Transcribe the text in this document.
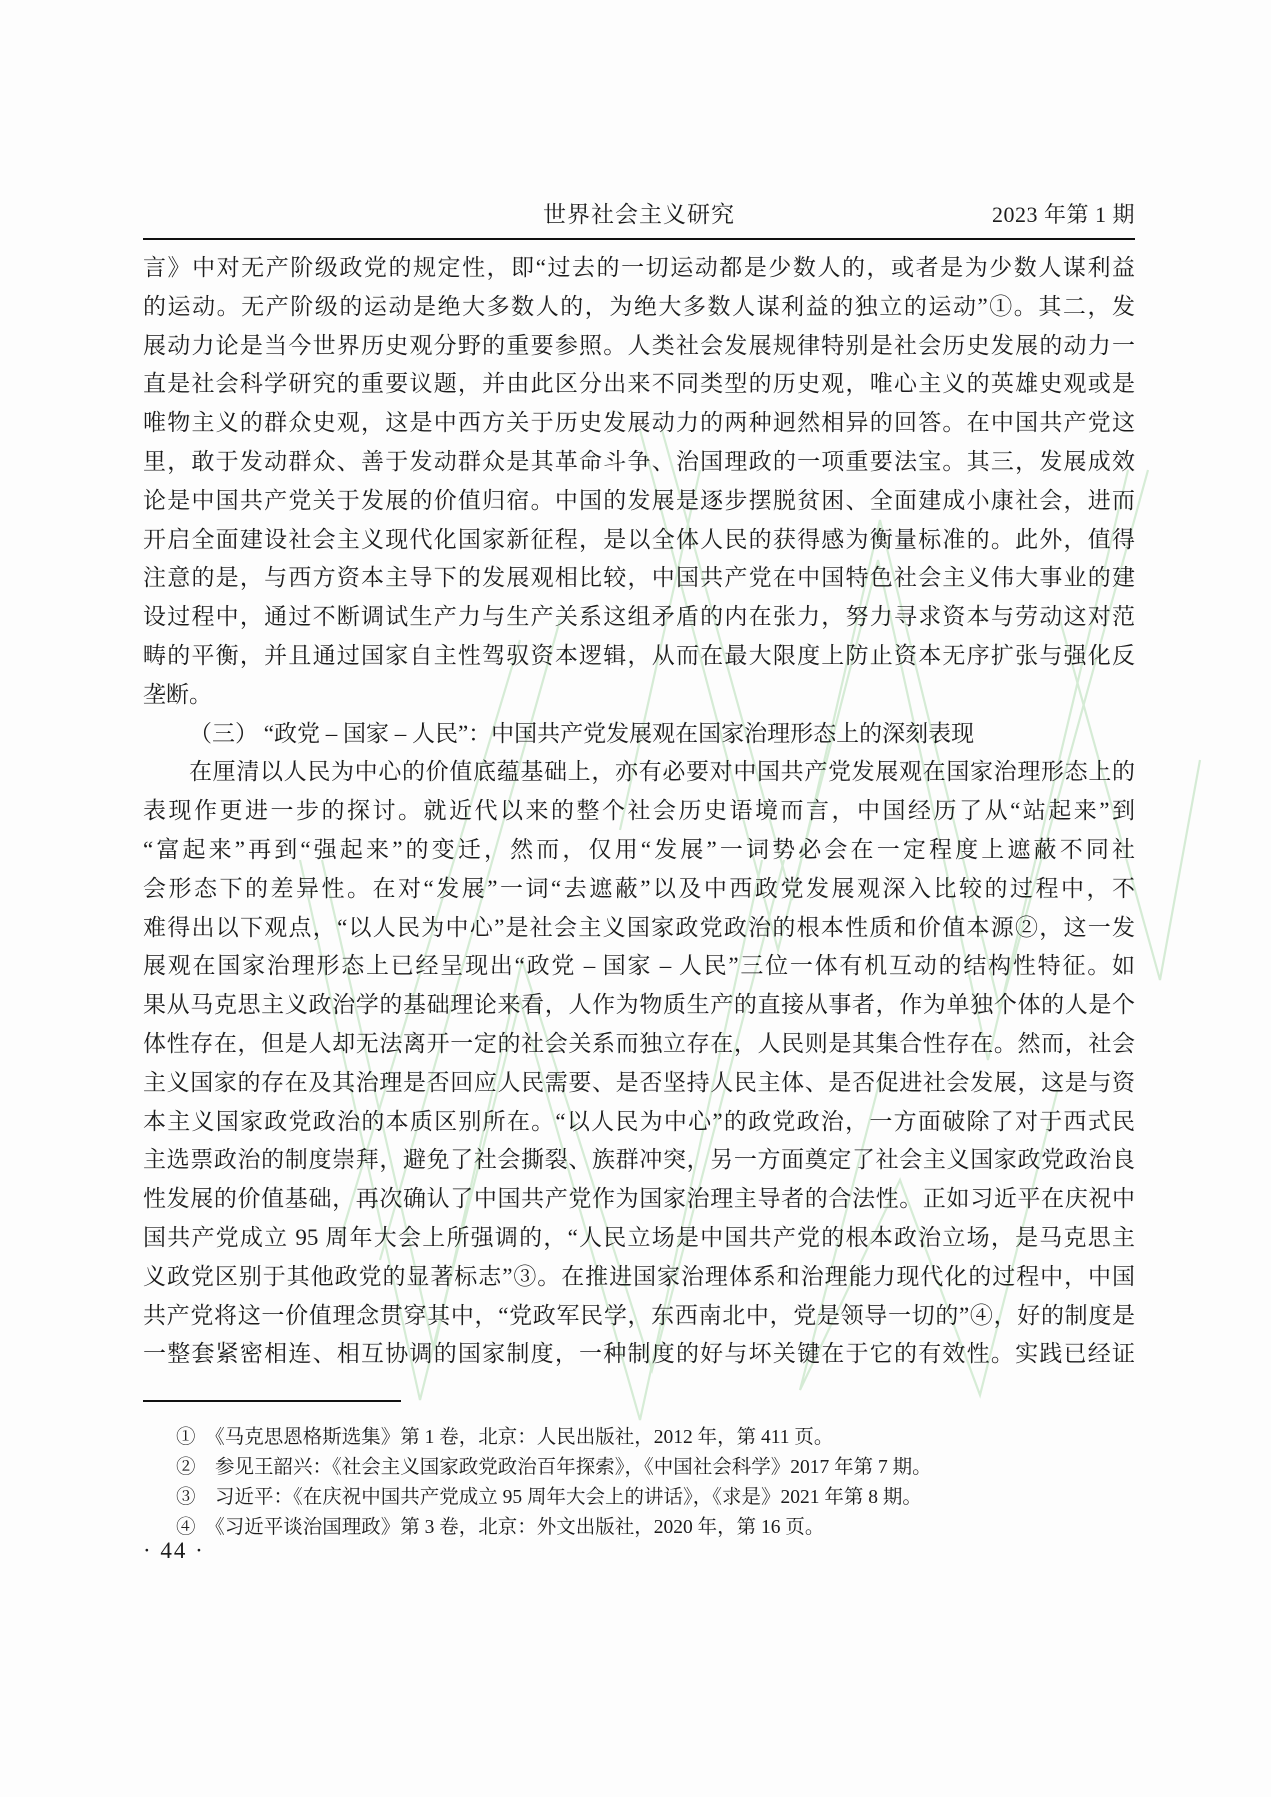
世界社会主义研究	2023 年第 1 期
言》中对无产阶级政党的规定性，即“过去的一切运动都是少数人的，或者是为少数人谋利益
的运动。无产阶级的运动是绝大多数人的，为绝大多数人谋利益的独立的运动”①。其二，发
展动力论是当今世界历史观分野的重要参照。人类社会发展规律特别是社会历史发展的动力一
直是社会科学研究的重要议题，并由此区分出来不同类型的历史观，唯心主义的英雄史观或是
唯物主义的群众史观，这是中西方关于历史发展动力的两种迥然相异的回答。在中国共产党这
里，敢于发动群众、善于发动群众是其革命斗争、治国理政的一项重要法宝。其三，发展成效
论是中国共产党关于发展的价值归宿。中国的发展是逐步摆脱贫困、全面建成小康社会，进而
开启全面建设社会主义现代化国家新征程，是以全体人民的获得感为衡量标准的。此外，值得
注意的是，与西方资本主导下的发展观相比较，中国共产党在中国特色社会主义伟大事业的建
设过程中，通过不断调试生产力与生产关系这组矛盾的内在张力，努力寻求资本与劳动这对范
畴的平衡，并且通过国家自主性驾驭资本逻辑，从而在最大限度上防止资本无序扩张与强化反
垄断。
（三） “政党 – 国家 – 人民”：中国共产党发展观在国家治理形态上的深刻表现
在厘清以人民为中心的价值底蕴基础上，亦有必要对中国共产党发展观在国家治理形态上的
表现作更进一步的探讨。就近代以来的整个社会历史语境而言，中国经历了从“站起来”到
“富起来”再到“强起来”的变迁，然而，仅用“发展”一词势必会在一定程度上遮蔽不同社
会形态下的差异性。在对“发展”一词“去遮蔽”以及中西政党发展观深入比较的过程中，不
难得出以下观点，“以人民为中心”是社会主义国家政党政治的根本性质和价值本源②，这一发
展观在国家治理形态上已经呈现出“政党 – 国家 – 人民”三位一体有机互动的结构性特征。如
果从马克思主义政治学的基础理论来看，人作为物质生产的直接从事者，作为单独个体的人是个
体性存在，但是人却无法离开一定的社会关系而独立存在，人民则是其集合性存在。然而，社会
主义国家的存在及其治理是否回应人民需要、是否坚持人民主体、是否促进社会发展，这是与资
本主义国家政党政治的本质区别所在。“以人民为中心”的政党政治，一方面破除了对于西式民
主选票政治的制度崇拜，避免了社会撕裂、族群冲突，另一方面奠定了社会主义国家政党政治良
性发展的价值基础，再次确认了中国共产党作为国家治理主导者的合法性。正如习近平在庆祝中
国共产党成立 95 周年大会上所强调的，“人民立场是中国共产党的根本政治立场，是马克思主
义政党区别于其他政党的显著标志”③。在推进国家治理体系和治理能力现代化的过程中，中国
共产党将这一价值理念贯穿其中，“党政军民学，东西南北中，党是领导一切的”④，好的制度是
一整套紧密相连、相互协调的国家制度，一种制度的好与坏关键在于它的有效性。实践已经证
①　《马克思恩格斯选集》第 1 卷，北京：人民出版社，2012 年，第 411 页。
②　参见王韶兴：《社会主义国家政党政治百年探索》，《中国社会科学》2017 年第 7 期。
③　习近平：《在庆祝中国共产党成立 95 周年大会上的讲话》，《求是》2021 年第 8 期。
④　《习近平谈治国理政》第 3 卷，北京：外文出版社，2020 年，第 16 页。
· 44 ·
